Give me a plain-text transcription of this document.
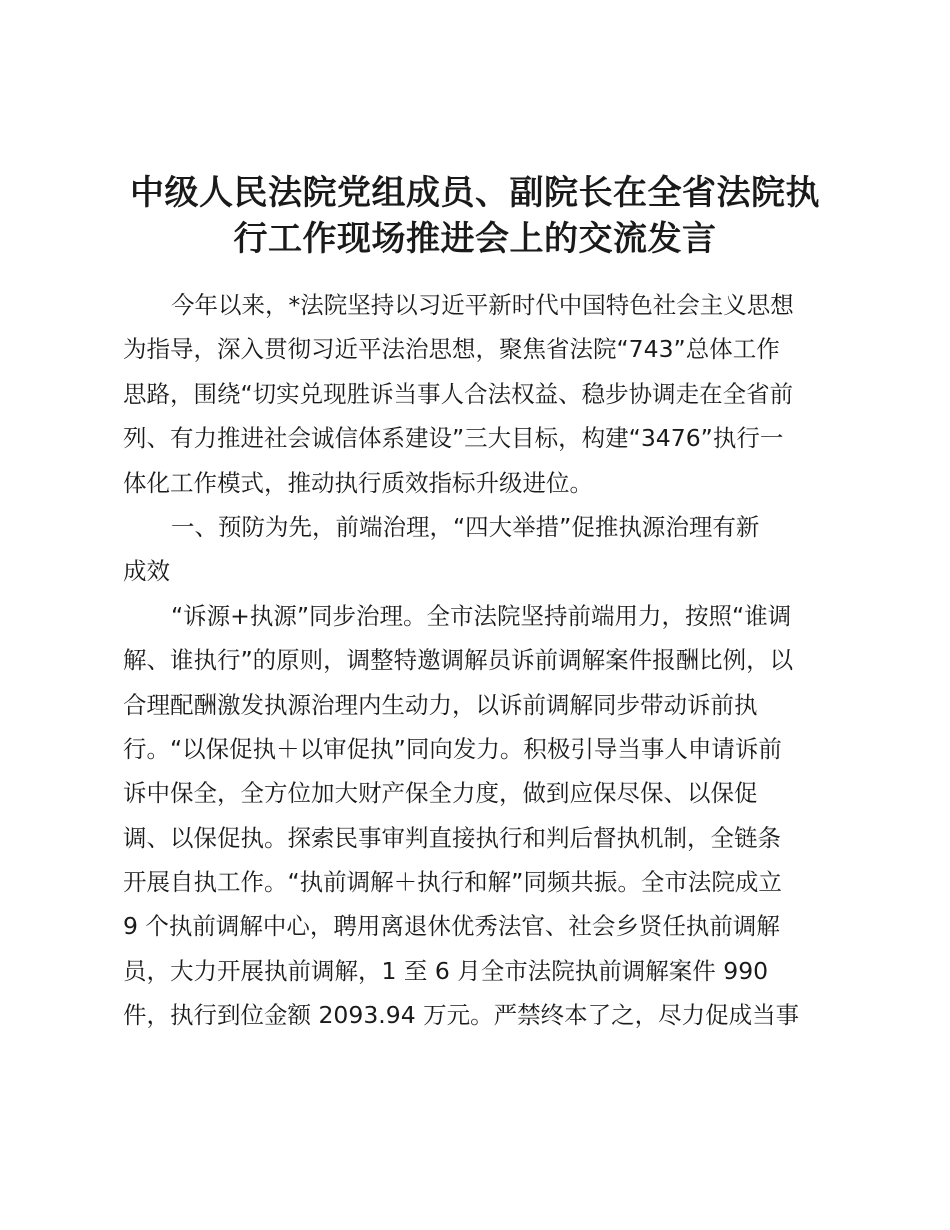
中级人民法院党组成员、副院长在全省法院执
行工作现场推进会上的交流发言
今年以来，*法院坚持以习近平新时代中国特色社会主义思想
为指导，深入贯彻习近平法治思想，聚焦省法院“743”总体工作
思路，围绕“切实兑现胜诉当事人合法权益、稳步协调走在全省前
列、有力推进社会诚信体系建设”三大目标，构建“3476”执行一
体化工作模式，推动执行质效指标升级进位。
一、预防为先，前端治理，“四大举措”促推执源治理有新
成效
“诉源+执源”同步治理。全市法院坚持前端用力，按照“谁调
解、谁执行”的原则，调整特邀调解员诉前调解案件报酬比例，以
合理配酬激发执源治理内生动力，以诉前调解同步带动诉前执
行。“以保促执＋以审促执”同向发力。积极引导当事人申请诉前
诉中保全，全方位加大财产保全力度，做到应保尽保、以保促
调、以保促执。探索民事审判直接执行和判后督执机制，全链条
开展自执工作。“执前调解＋执行和解”同频共振。全市法院成立
9 个执前调解中心，聘用离退休优秀法官、社会乡贤任执前调解
员，大力开展执前调解，1 至 6 月全市法院执前调解案件 990
件，执行到位金额 2093.94 万元。严禁终本了之，尽力促成当事
